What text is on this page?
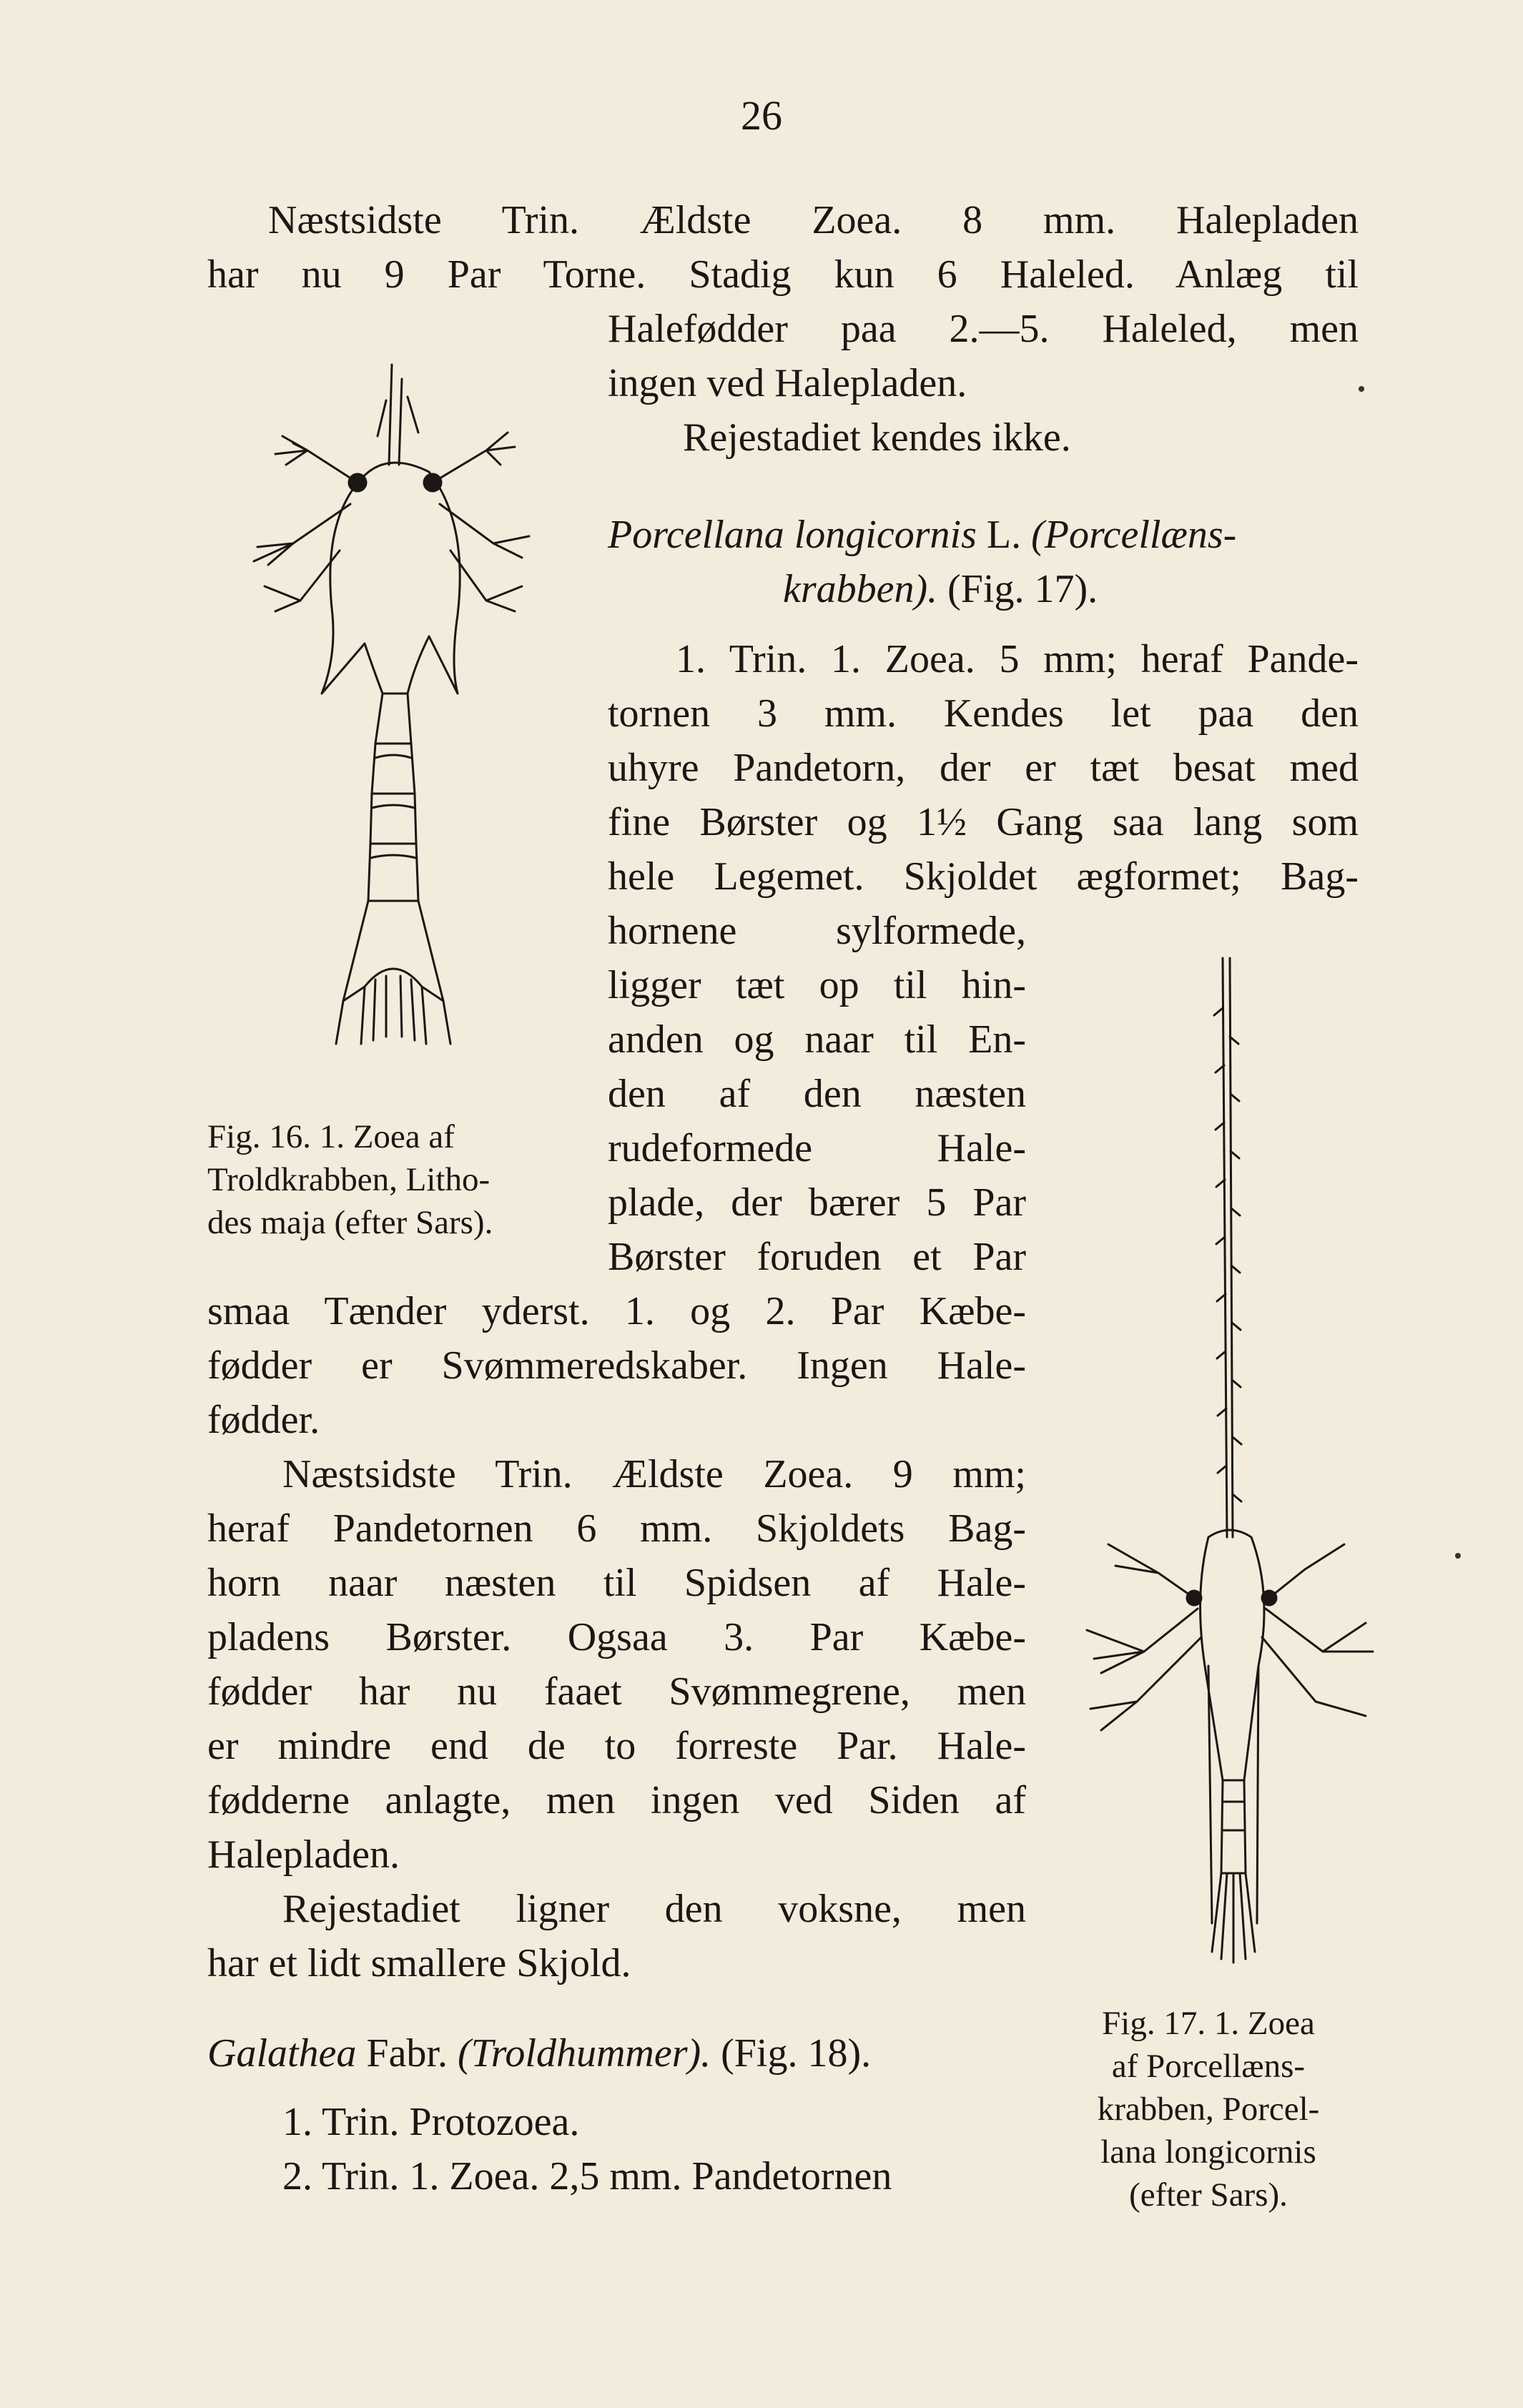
26
Næstsidste Trin. Ældste Zoea. 8 mm. Halepladen
har nu 9 Par Torne. Stadig kun 6 Haleled. Anlæg til
Halefødder paa 2.—5. Haleled, men
ingen ved Halepladen.
Rejestadiet kendes ikke.
Porcellana longicornis L. (Porcellæns-
krabben). (Fig. 17).
1. Trin. 1. Zoea. 5 mm; heraf Pande-
tornen 3 mm. Kendes let paa den
uhyre Pandetorn, der er tæt besat med
fine Børster og 1½ Gang saa lang som
hele Legemet. Skjoldet ægformet; Bag-
hornene sylformede,
ligger tæt op til hin-
anden og naar til En-
den af den næsten
rudeformede Hale-
plade, der bærer 5 Par
Børster foruden et Par
smaa Tænder yderst. 1. og 2. Par Kæbe-
fødder er Svømmeredskaber. Ingen Hale-
fødder.
Næstsidste Trin. Ældste Zoea. 9 mm;
heraf Pandetornen 6 mm. Skjoldets Bag-
horn naar næsten til Spidsen af Hale-
pladens Børster. Ogsaa 3. Par Kæbe-
fødder har nu faaet Svømmegrene, men
er mindre end de to forreste Par. Hale-
fødderne anlagte, men ingen ved Siden af
Halepladen.
Rejestadiet ligner den voksne, men
har et lidt smallere Skjold.
Galathea Fabr. (Troldhummer). (Fig. 18).
1. Trin. Protozoea.
2. Trin. 1. Zoea. 2,5 mm. Pandetornen
Fig. 16. 1. Zoea af
Troldkrabben, Litho-
des maja (efter Sars).
Fig. 17. 1. Zoea
af Porcellæns-
krabben, Porcel-
lana longicornis
(efter Sars).
